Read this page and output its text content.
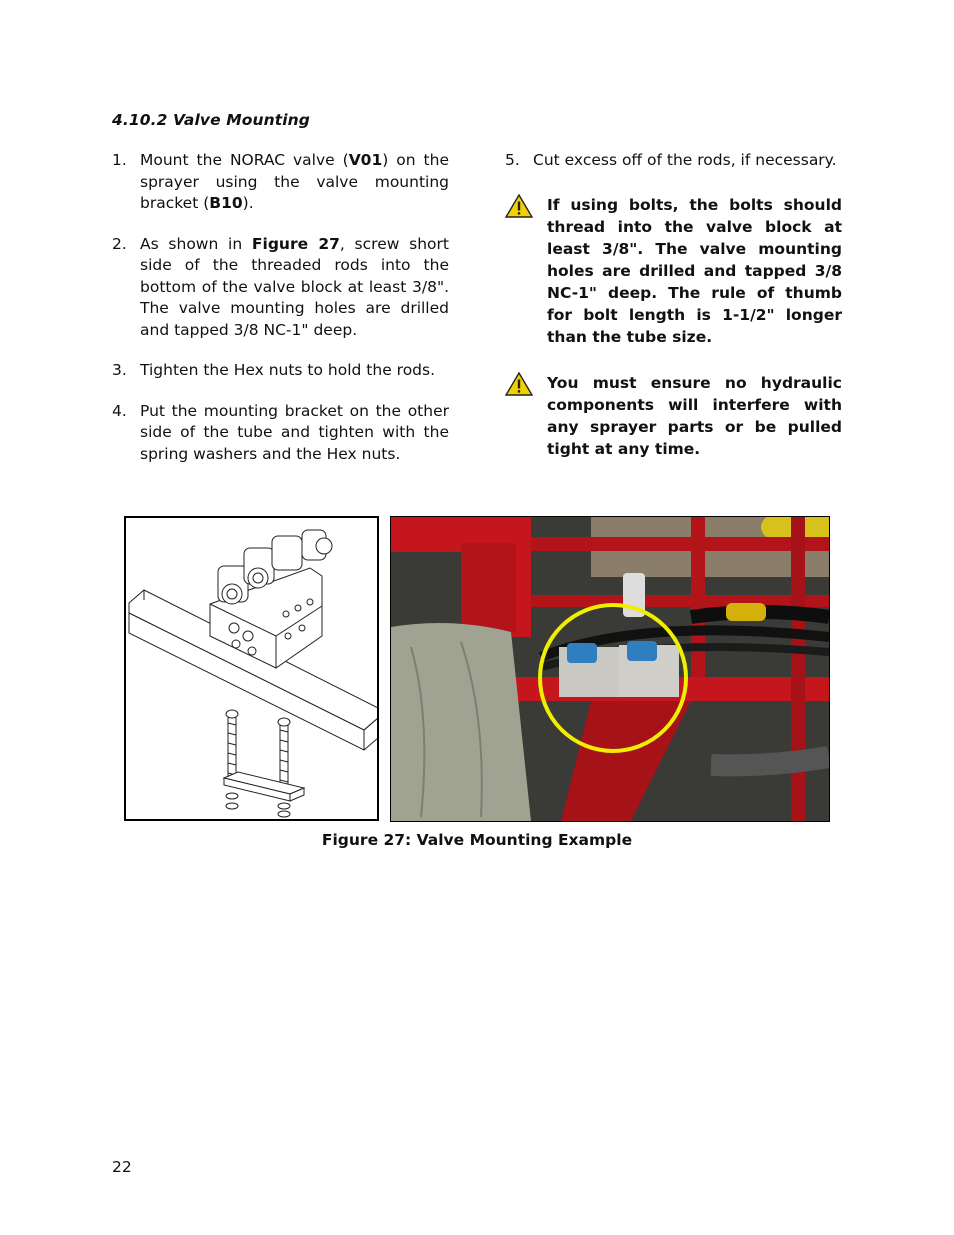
4.10.2 Valve Mounting
1. Mount the NORAC valve (V01) on the sprayer using the valve mounting bracket (B10).
2. As shown in Figure 27, screw short side of the threaded rods into the bottom of the valve block at least 3/8". The valve mounting holes are drilled and tapped 3/8 NC-1" deep.
3. Tighten the Hex nuts to hold the rods.
4. Put the mounting bracket on the other side of the tube and tighten with the spring washers and the Hex nuts.
5. Cut excess off of the rods, if necessary.
If using bolts, the bolts should thread into the valve block at least 3/8". The valve mounting holes are drilled and tapped 3/8 NC-1" deep. The rule of thumb for bolt length is 1-1/2" longer than the tube size.
You must ensure no hydraulic components will interfere with any sprayer parts or be pulled tight at any time.
Figure 27: Valve Mounting Example
22
